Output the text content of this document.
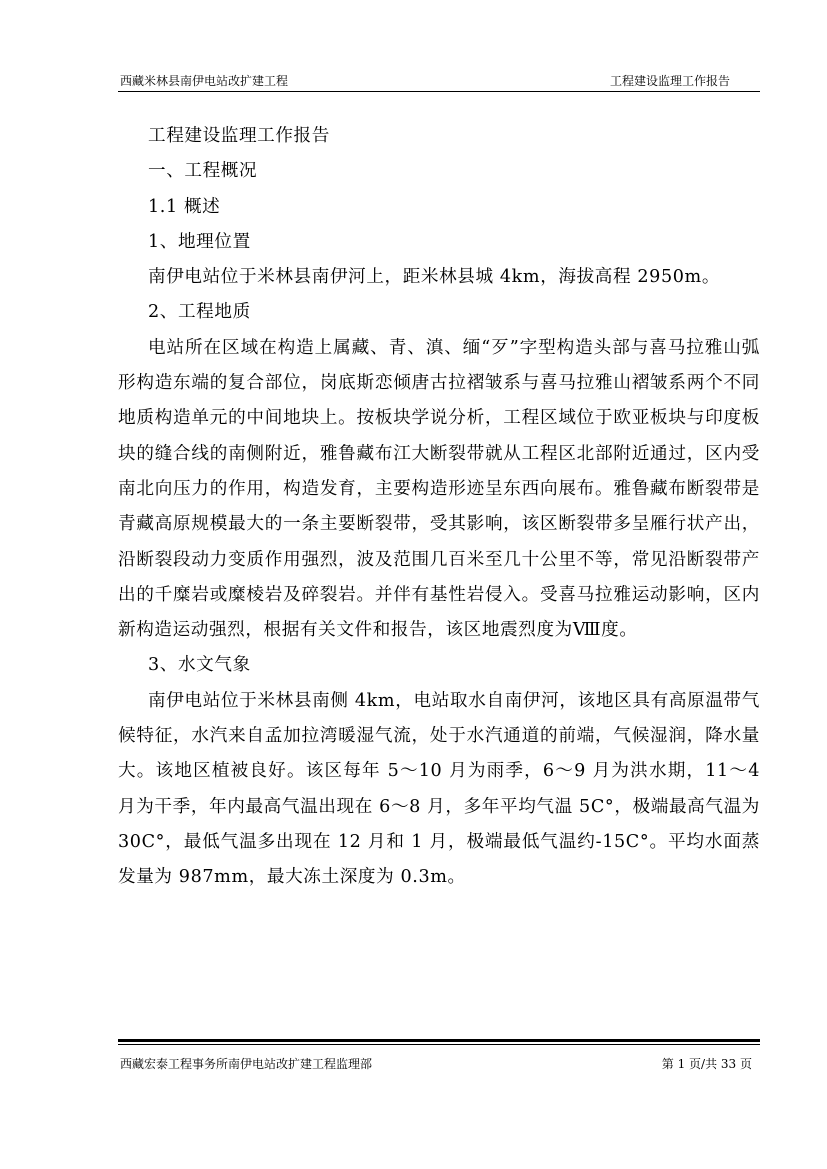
西藏米林县南伊电站改扩建工程	工程建设监理工作报告

工程建设监理工作报告

一、工程概况

1.1 概述

1、地理位置

南伊电站位于米林县南伊河上，距米林县城 4km，海拔高程 2950m。

2、工程地质

电站所在区域在构造上属藏、青、滇、缅“歹”字型构造头部与喜马拉雅山弧形构造东端的复合部位，岗底斯恋倾唐古拉褶皱系与喜马拉雅山褶皱系两个不同地质构造单元的中间地块上。按板块学说分析，工程区域位于欧亚板块与印度板块的缝合线的南侧附近，雅鲁藏布江大断裂带就从工程区北部附近通过，区内受南北向压力的作用，构造发育，主要构造形迹呈东西向展布。雅鲁藏布断裂带是青藏高原规模最大的一条主要断裂带，受其影响，该区断裂带多呈雁行状产出，沿断裂段动力变质作用强烈，波及范围几百米至几十公里不等，常见沿断裂带产出的千糜岩或糜棱岩及碎裂岩。并伴有基性岩侵入。受喜马拉雅运动影响，区内新构造运动强烈，根据有关文件和报告，该区地震烈度为Ⅷ度。

3、水文气象

南伊电站位于米林县南侧 4km，电站取水自南伊河，该地区具有高原温带气候特征，水汽来自孟加拉湾暖湿气流，处于水汽通道的前端，气候湿润，降水量大。该地区植被良好。该区每年 5～10 月为雨季，6～9 月为洪水期，11～4 月为干季，年内最高气温出现在 6～8 月，多年平均气温 5C°，极端最高气温为 30C°，最低气温多出现在 12 月和 1 月，极端最低气温约-15C°。平均水面蒸发量为 987mm，最大冻土深度为 0.3m。

西藏宏泰工程事务所南伊电站改扩建工程监理部	第 1 页/共 33 页
